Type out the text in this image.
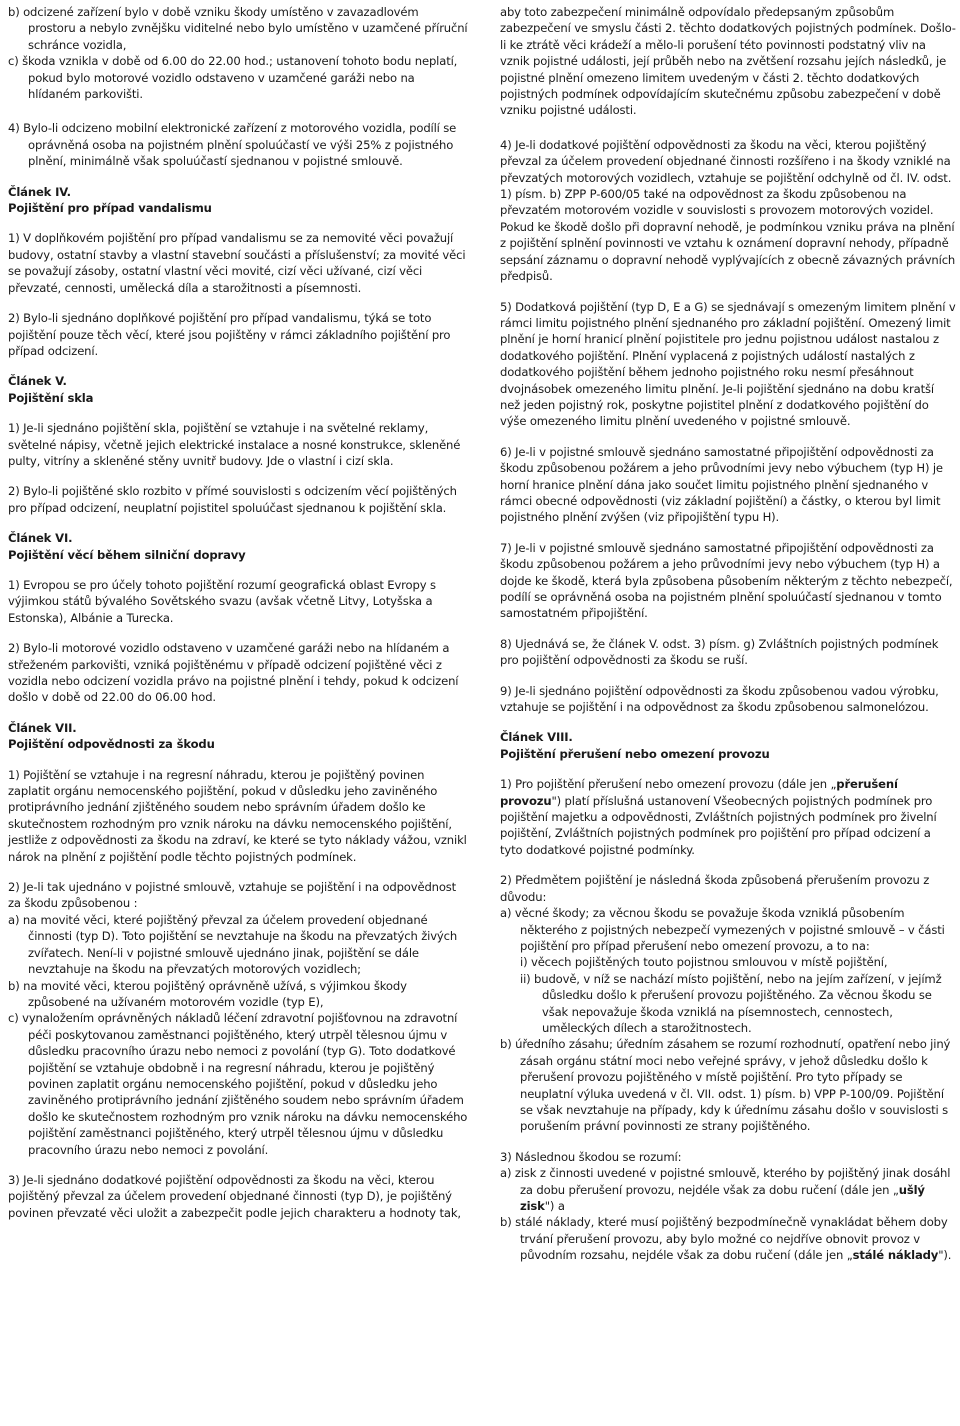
b) odcizené zařízení bylo v době vzniku škody umístěno v zavazadlovém prostoru a nebylo zvnějšku viditelné nebo bylo umístěno v uzamčené příruční schránce vozidla,

c) škoda vznikla v době od 6.00 do 22.00 hod.; ustanovení tohoto bodu neplatí, pokud bylo motorové vozidlo odstaveno v uzamčené garáži nebo na hlídaném parkovišti.

4) Bylo-li odcizeno mobilní elektronické zařízení z motorového vozidla, podílí se oprávněná osoba na pojistném plnění spoluúčastí ve výši 25% z pojistného plnění, minimálně však spoluúčastí sjednanou v pojistné smlouvě.

Článek IV.

Pojištění pro případ vandalismu

1) V doplňkovém pojištění pro případ vandalismu se za nemovité věci považují budovy, ostatní stavby a vlastní stavební součásti a příslušenství; za movité věci se považují zásoby, ostatní vlastní věci movité, cizí věci užívané, cizí věci převzaté, cennosti, umělecká díla a starožitnosti a písemnosti.

2) Bylo-li sjednáno doplňkové pojištění pro případ vandalismu, týká se toto pojištění pouze těch věcí, které jsou pojištěny v rámci základního pojištění pro případ odcizení.

Článek V.

Pojištění skla

1) Je-li sjednáno pojištění skla, pojištění se vztahuje i na světelné reklamy, světelné nápisy, včetně jejich elektrické instalace a nosné konstrukce, skleněné pulty, vitríny a skleněné stěny uvnitř budovy. Jde o vlastní i cizí skla.

2) Bylo-li pojištěné sklo rozbito v přímé souvislosti s odcizením věcí pojištěných pro případ odcizení, neuplatní pojistitel spoluúčast sjednanou k pojištění skla.

Článek VI.

Pojištění věcí během silniční dopravy

1) Evropou se pro účely tohoto pojištění rozumí geografická oblast Evropy s výjimkou států bývalého Sovětského svazu (avšak včetně Litvy, Lotyšska a Estonska), Albánie a Turecka.

2) Bylo-li motorové vozidlo odstaveno v uzamčené garáži nebo na hlídaném a střeženém parkovišti, vzniká pojištěnému v případě odcizení pojištěné věci z vozidla nebo odcizení vozidla právo na pojistné plnění i tehdy, pokud k odcizení došlo v době od 22.00 do 06.00 hod.

Článek VII.

Pojištění odpovědnosti za škodu

1) Pojištění se vztahuje i na regresní náhradu, kterou je pojištěný povinen zaplatit orgánu nemocenského pojištění, pokud v důsledku jeho zaviněného protiprávního jednání zjištěného soudem nebo správním úřadem došlo ke skutečnostem rozhodným pro vznik nároku na dávku nemocenského pojištění, jestliže z odpovědnosti za škodu na zdraví, ke které se tyto náklady vážou, vznikl nárok na plnění z pojištění podle těchto pojistných podmínek.

2) Je-li tak ujednáno v pojistné smlouvě, vztahuje se pojištění i na odpovědnost za škodu způsobenou :

a) na movité věci, které pojištěný převzal za účelem provedení objednané činnosti (typ D). Toto pojištění se nevztahuje na škodu na převzatých živých zvířatech. Není-li v pojistné smlouvě ujednáno jinak, pojištění se dále nevztahuje na škodu na převzatých motorových vozidlech;

b) na movité věci, kterou pojištěný oprávněně užívá, s výjimkou škody způsobené na užívaném motorovém vozidle (typ E),

c) vynaložením oprávněných nákladů léčení zdravotní pojišťovnou na zdravotní péči poskytovanou zaměstnanci pojištěného, který utrpěl tělesnou újmu v důsledku pracovního úrazu nebo nemoci z povolání (typ G). Toto dodatkové pojištění se vztahuje obdobně i na regresní náhradu, kterou je pojištěný povinen zaplatit orgánu nemocenského pojištění, pokud v důsledku jeho zaviněného protiprávního jednání zjištěného soudem nebo správním úřadem došlo ke skutečnostem rozhodným pro vznik nároku na dávku nemocenského pojištění zaměstnanci pojištěného, který utrpěl tělesnou újmu v důsledku pracovního úrazu nebo nemoci z povolání.

3) Je-li sjednáno dodatkové pojištění odpovědnosti za škodu na věci, kterou pojištěný převzal za účelem provedení objednané činnosti (typ D), je pojištěný povinen převzaté věci uložit a zabezpečit podle jejich charakteru a hodnoty tak,

aby toto zabezpečení minimálně odpovídalo předepsaným způsobům zabezpečení ve smyslu části 2. těchto dodatkových pojistných podmínek. Došlo-li ke ztrátě věci krádeží a mělo-li porušení této povinnosti podstatný vliv na vznik pojistné události, její průběh nebo na zvětšení rozsahu jejích následků, je pojistné plnění omezeno limitem uvedeným v části 2. těchto dodatkových pojistných podmínek odpovídajícím skutečnému způsobu zabezpečení v době vzniku pojistné události.

4) Je-li dodatkové pojištění odpovědnosti za škodu na věci, kterou pojištěný převzal za účelem provedení objednané činnosti rozšířeno i na škody vzniklé na převzatých motorových vozidlech, vztahuje se pojištění odchylně od čl. IV. odst. 1) písm. b) ZPP P-600/05 také na odpovědnost za škodu způsobenou na převzatém motorovém vozidle v souvislosti s provozem motorových vozidel. Pokud ke škodě došlo při dopravní nehodě, je podmínkou vzniku práva na plnění z pojištění splnění povinnosti ve vztahu k oznámení dopravní nehody, případně sepsání záznamu o dopravní nehodě vyplývajících z obecně závazných právních předpisů.

5) Dodatková pojištění (typ D, E a G) se sjednávají s omezeným limitem plnění v rámci limitu pojistného plnění sjednaného pro základní pojištění. Omezený limit plnění je horní hranicí plnění pojistitele pro jednu pojistnou událost nastalou z dodatkového pojištění. Plnění vyplacená z pojistných událostí nastalých z dodatkového pojištění během jednoho pojistného roku nesmí přesáhnout dvojnásobek omezeného limitu plnění. Je-li pojištění sjednáno na dobu kratší než jeden pojistný rok, poskytne pojistitel plnění z dodatkového pojištění do výše omezeného limitu plnění uvedeného v pojistné smlouvě.

6) Je-li v pojistné smlouvě sjednáno samostatné připojištění odpovědnosti za škodu způsobenou požárem a jeho průvodními jevy nebo výbuchem (typ H) je horní hranice plnění dána jako součet limitu pojistného plnění sjednaného v rámci obecné odpovědnosti (viz základní pojištění) a částky, o kterou byl limit pojistného plnění zvýšen (viz připojištění typu H).

7) Je-li v pojistné smlouvě sjednáno samostatné připojištění odpovědnosti za škodu způsobenou požárem a jeho průvodními jevy nebo výbuchem (typ H) a dojde ke škodě, která byla způsobena působením některým z těchto nebezpečí, podílí se oprávněná osoba na pojistném plnění spoluúčastí sjednanou v tomto samostatném připojištění.

8) Ujednává se, že článek V. odst. 3) písm. g) Zvláštních pojistných podmínek pro pojištění odpovědnosti za škodu se ruší.

9) Je-li sjednáno pojištění odpovědnosti za škodu způsobenou vadou výrobku, vztahuje se pojištění i na odpovědnost za škodu způsobenou salmonelózou.

Článek VIII.

Pojištění přerušení nebo omezení provozu

1) Pro pojištění přerušení nebo omezení provozu (dále jen „přerušení provozu") platí příslušná ustanovení Všeobecných pojistných podmínek pro pojištění majetku a odpovědnosti, Zvláštních pojistných podmínek pro živelní pojištění, Zvláštních pojistných podmínek pro pojištění pro případ odcizení a tyto dodatkové pojistné podmínky.

2) Předmětem pojištění je následná škoda způsobená přerušením provozu z důvodu:

a) věcné škody; za věcnou škodu se považuje škoda vzniklá působením některého z pojistných nebezpečí vymezených v pojistné smlouvě – v části pojištění pro případ přerušení nebo omezení provozu, a to na:

i) věcech pojištěných touto pojistnou smlouvou v místě pojištění,

ii) budově, v níž se nachází místo pojištění, nebo na jejím zařízení, v jejímž důsledku došlo k přerušení provozu pojištěného. Za věcnou škodu se však nepovažuje škoda vzniklá na písemnostech, cennostech, uměleckých dílech a starožitnostech.

b) úředního zásahu; úředním zásahem se rozumí rozhodnutí, opatření nebo jiný zásah orgánu státní moci nebo veřejné správy, v jehož důsledku došlo k přerušení provozu pojištěného v místě pojištění. Pro tyto případy se neuplatní výluka uvedená v čl. VII. odst. 1) písm. b) VPP P-100/09. Pojištění se však nevztahuje na případy, kdy k úřednímu zásahu došlo v souvislosti s porušením právní povinnosti ze strany pojištěného.

3) Následnou škodou se rozumí:

a) zisk z činnosti uvedené v pojistné smlouvě, kterého by pojištěný jinak dosáhl za dobu přerušení provozu, nejdéle však za dobu ručení (dále jen „ušlý zisk") a

b) stálé náklady, které musí pojištěný bezpodmínečně vynakládat během doby trvání přerušení provozu, aby bylo možné co nejdříve obnovit provoz v původním rozsahu, nejdéle však za dobu ručení (dále jen „stálé náklady").
